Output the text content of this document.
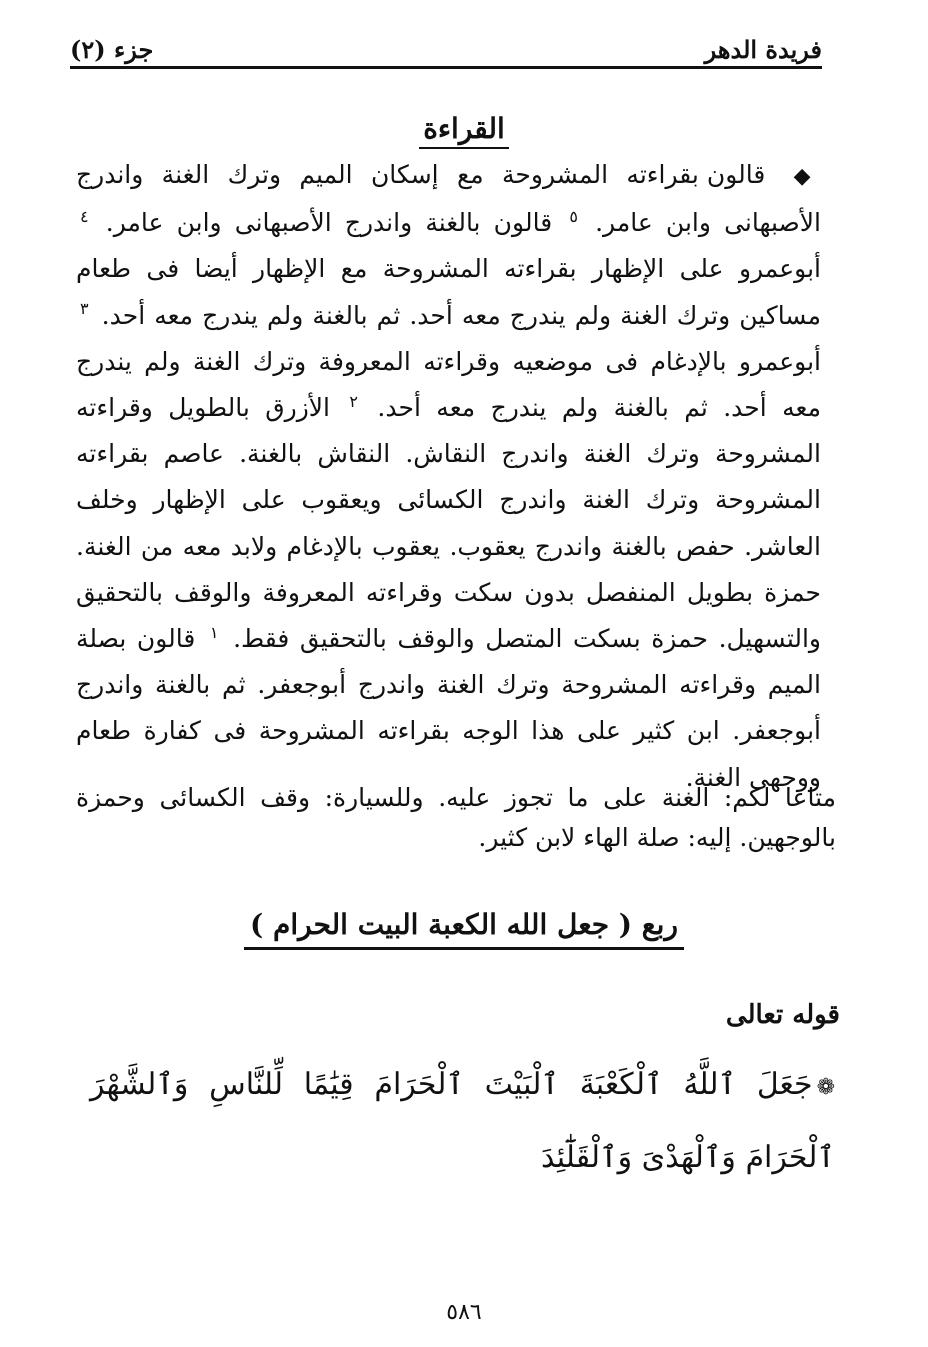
فريدة الدهر
جزء (٢)
القراءة

◆ قالون بقراءته المشروحة مع إسكان الميم وترك الغنة واندرج الأصبهانى وابن عامر. $^٥$ قالون بالغنة واندرج الأصبهانى وابن عامر. $^٤$ أبوعمرو على الإظهار بقراءته المشروحة مع الإظهار أيضا فى طعام مساكين وترك الغنة ولم يندرج معه أحد. ثم بالغنة ولم يندرج معه أحد. $^٣$ أبوعمرو بالإدغام فى موضعيه وقراءته المعروفة وترك الغنة ولم يندرج معه أحد. ثم بالغنة ولم يندرج معه أحد. $^٢$ الأزرق بالطويل وقراءته المشروحة وترك الغنة واندرج النقاش. النقاش بالغنة. عاصم بقراءته المشروحة وترك الغنة واندرج الكسائى ويعقوب على الإظهار وخلف العاشر. حفص بالغنة واندرج يعقوب. يعقوب بالإدغام ولابد معه من الغنة. حمزة بطويل المنفصل بدون سكت وقراءته المعروفة والوقف بالتحقيق والتسهيل. حمزة بسكت المتصل والوقف بالتحقيق فقط. $^١$ قالون بصلة الميم وقراءته المشروحة وترك الغنة واندرج أبوجعفر. ثم بالغنة واندرج أبوجعفر. ابن كثير على هذا الوجه بقراءته المشروحة فى كفارة طعام ووجهى الغنة.

متاعا لكم: الغنة على ما تجوز عليه. وللسيارة: وقف الكسائى وحمزة بالوجهين. إليه: صلة الهاء لابن كثير.

ربع ( جعل الله الكعبة البيت الحرام )
قوله تعالى

❁جَعَلَ ٱللَّهُ ٱلْكَعْبَةَ ٱلْبَيْتَ ٱلْحَرَامَ قِيَٰمًا لِّلنَّاسِ وَٱلشَّهْرَ ٱلْحَرَامَ وَٱلْهَدْىَ وَٱلْقَلَٰٓئِدَ

٥٨٦
